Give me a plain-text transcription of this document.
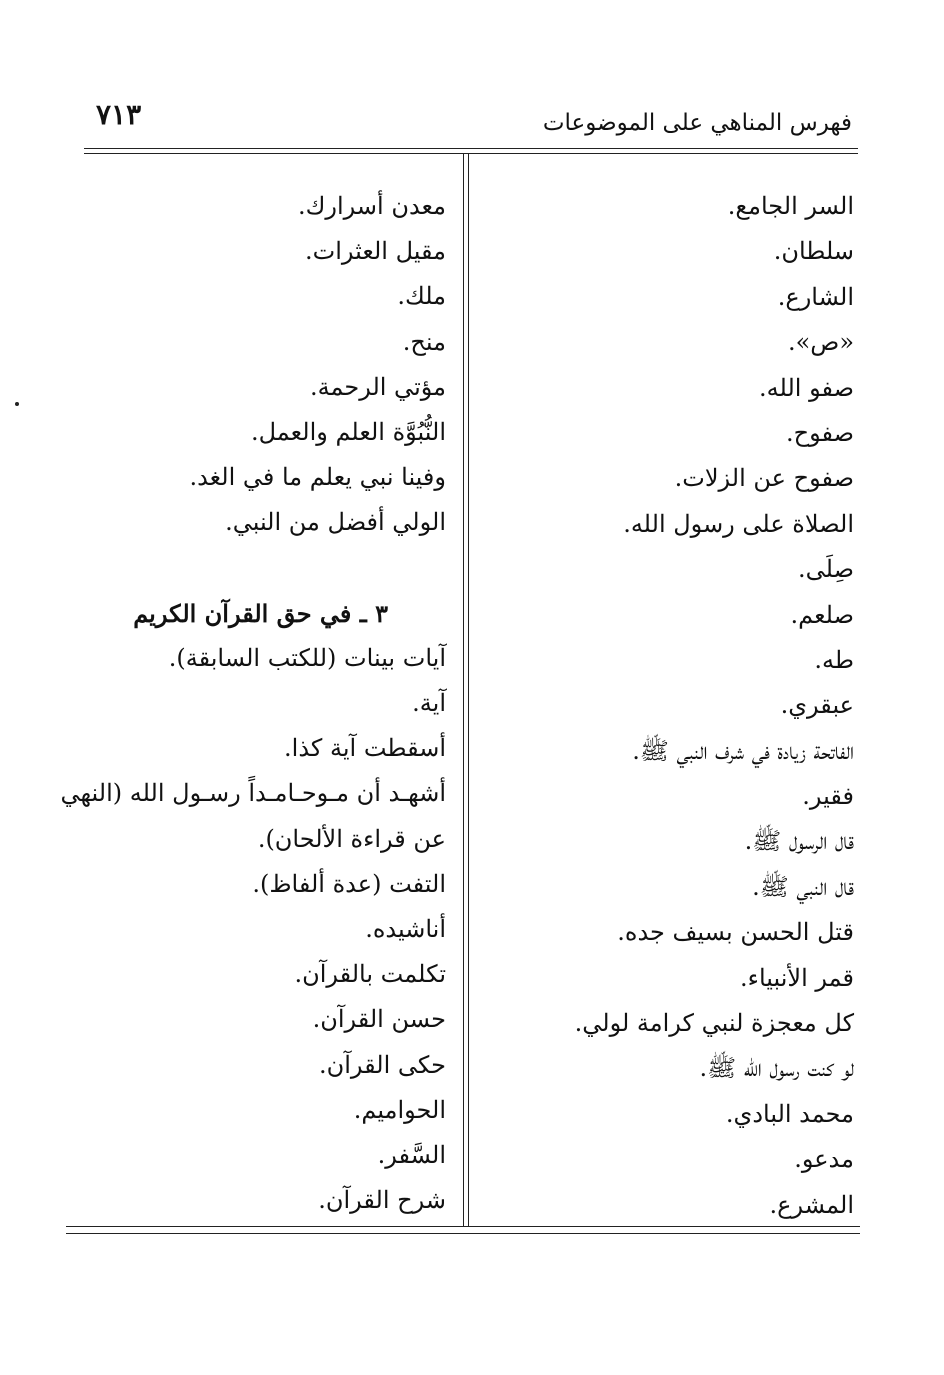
٧١٣	فهرس المناهي على الموضوعات
السر الجامع.
سلطان.
الشارع.
«ص».
صفو الله.
صفوح.
صفوح عن الزلات.
الصلاة على رسول الله.
صِلَى.
صلعم.
طه.
عبقري.
الفاتحة زيادة في شرف النبي ﷺ.
فقير.
قال الرسول ﷺ.
قال النبي ﷺ.
قتل الحسن بسيف جده.
قمر الأنبياء.
كل معجزة لنبي كرامة لولي.
لو كنت رسول الله ﷺ.
محمد البادي.
مدعو.
المشرع.
معدن أسرارك.
مقيل العثرات.
ملك.
منح.
مؤتي الرحمة.
النُّبُوَّة العلم والعمل.
وفينا نبي يعلم ما في الغد.
الولي أفضل من النبي.
٣ ـ في حق القرآن الكريم
آيات بينات (للكتب السابقة).
آية.
أسقطت آية كذا.
أشهـد أن مـوحـامـداً رسـول الله (النهي
عن قراءة الألحان).
التفت (عدة ألفاظ).
أناشيده.
تكلمت بالقرآن.
حسن القرآن.
حكى القرآن.
الحواميم.
السَّفر.
شرح القرآن.
